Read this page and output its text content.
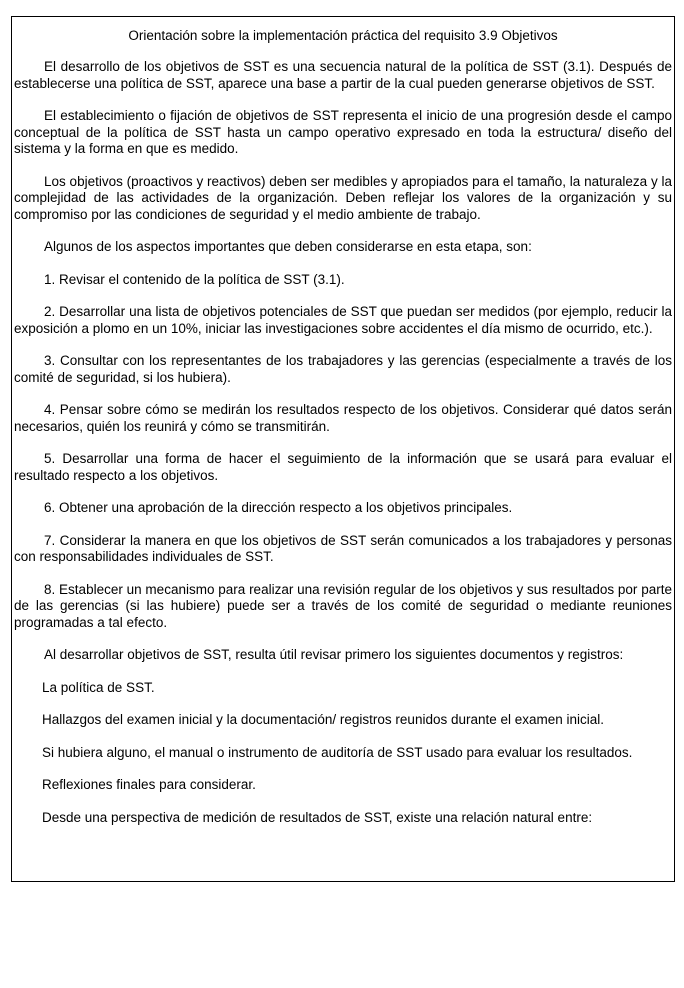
Orientación sobre la implementación práctica del requisito 3.9 Objetivos

El desarrollo de los objetivos de SST es una secuencia natural de la política de SST (3.1). Después de establecerse una política de SST, aparece una base a partir de la cual pueden generarse objetivos de SST.

El establecimiento o fijación de objetivos de SST representa el inicio de una progresión desde el campo conceptual de la política de SST hasta un campo operativo expresado en toda la estructura/ diseño del sistema y la forma en que es medido.

Los objetivos (proactivos y reactivos) deben ser medibles y apropiados para el tamaño, la naturaleza y la complejidad de las actividades de la organización. Deben reflejar los valores de la organización y su compromiso por las condiciones de seguridad y el medio ambiente de trabajo.

Algunos de los aspectos importantes que deben considerarse en esta etapa, son:

1. Revisar el contenido de la política de SST (3.1).

2. Desarrollar una lista de objetivos potenciales de SST que puedan ser medidos (por ejemplo, reducir la exposición a plomo en un 10%, iniciar las investigaciones sobre accidentes el día mismo de ocurrido, etc.).

3. Consultar con los representantes de los trabajadores y las gerencias (especialmente a través de los comité de seguridad, si los hubiera).

4. Pensar sobre cómo se medirán los resultados respecto de los objetivos. Considerar qué datos serán necesarios, quién los reunirá y cómo se transmitirán.

5. Desarrollar una forma de hacer el seguimiento de la información que se usará para evaluar el resultado respecto a los objetivos.

6. Obtener una aprobación de la dirección respecto a los objetivos principales.

7. Considerar la manera en que los objetivos de SST serán comunicados a los trabajadores y personas con responsabilidades individuales de SST.

8. Establecer un mecanismo para realizar una revisión regular de los objetivos y sus resultados por parte de las gerencias (si las hubiere) puede ser a través de los comité de seguridad o mediante reuniones programadas a tal efecto.

Al desarrollar objetivos de SST, resulta útil revisar primero los siguientes documentos y registros:

La política de SST.

Hallazgos del examen inicial y la documentación/ registros reunidos durante el examen inicial.

Si hubiera alguno, el manual o instrumento de auditoría de SST usado para evaluar los resultados.

Reflexiones finales para considerar.

Desde una perspectiva de medición de resultados de SST, existe una relación natural entre:
